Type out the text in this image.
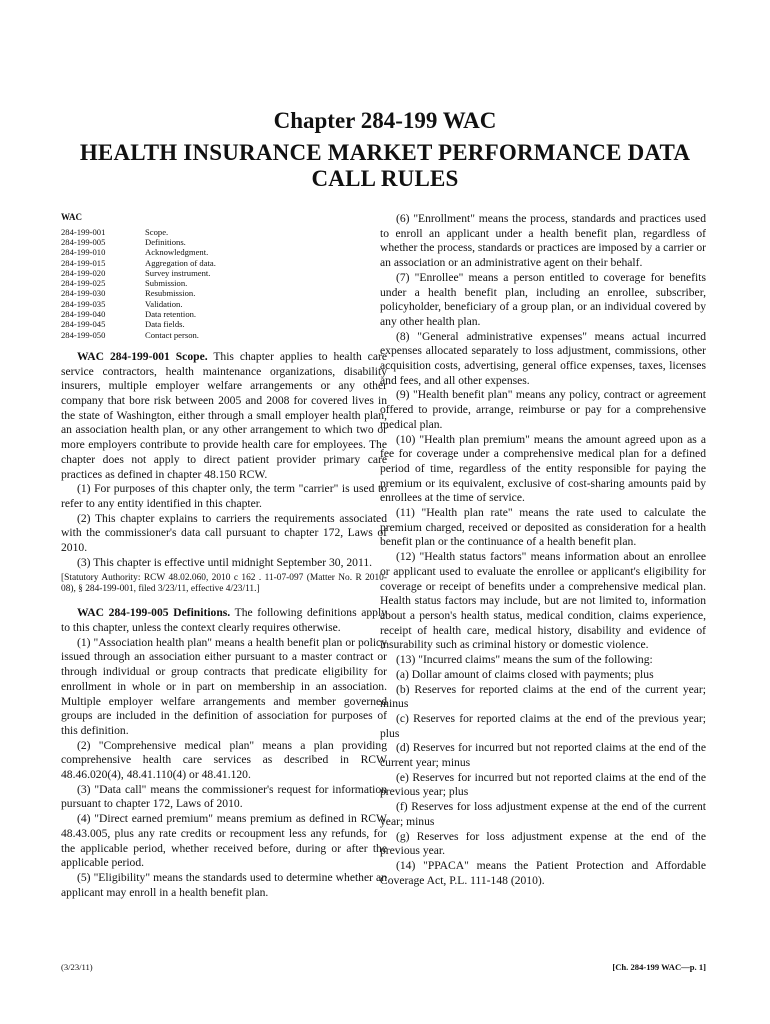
Chapter 284-199 WAC
HEALTH INSURANCE MARKET PERFORMANCE DATA CALL RULES
WAC
284-199-001	Scope.
284-199-005	Definitions.
284-199-010	Acknowledgment.
284-199-015	Aggregation of data.
284-199-020	Survey instrument.
284-199-025	Submission.
284-199-030	Resubmission.
284-199-035	Validation.
284-199-040	Data retention.
284-199-045	Data fields.
284-199-050	Contact person.

WAC 284-199-001 Scope. This chapter applies to health care service contractors, health maintenance organizations, disability insurers, multiple employer welfare arrangements or any other company that bore risk between 2005 and 2008 for covered lives in the state of Washington, either through a small employer health plan, an association health plan, or any other arrangement to which two or more employers contribute to provide health care for employees. The chapter does not apply to direct patient provider primary care practices as defined in chapter 48.150 RCW.

(1) For purposes of this chapter only, the term "carrier" is used to refer to any entity identified in this chapter.

(2) This chapter explains to carriers the requirements associated with the commissioner's data call pursuant to chapter 172, Laws of 2010.

(3) This chapter is effective until midnight September 30, 2011.

[Statutory Authority: RCW 48.02.060, 2010 c 162 . 11-07-097 (Matter No. R 2010-08), § 284-199-001, filed 3/23/11, effective 4/23/11.]

WAC 284-199-005 Definitions. The following definitions apply to this chapter, unless the context clearly requires otherwise.

(1) "Association health plan" means a health benefit plan or policy issued through an association either pursuant to a master contract or through individual or group contracts that predicate eligibility for enrollment in whole or in part on membership in an association. Multiple employer welfare arrangements and member governed groups are included in the definition of association for purposes of this definition.

(2) "Comprehensive medical plan" means a plan providing comprehensive health care services as described in RCW 48.46.020(4), 48.41.110(4) or 48.41.120.

(3) "Data call" means the commissioner's request for information pursuant to chapter 172, Laws of 2010.

(4) "Direct earned premium" means premium as defined in RCW 48.43.005, plus any rate credits or recoupment less any refunds, for the applicable period, whether received before, during or after the applicable period.

(5) "Eligibility" means the standards used to determine whether an applicant may enroll in a health benefit plan.

(6) "Enrollment" means the process, standards and practices used to enroll an applicant under a health benefit plan, regardless of whether the process, standards or practices are imposed by a carrier or an association or an administrative agent on their behalf.

(7) "Enrollee" means a person entitled to coverage for benefits under a health benefit plan, including an enrollee, subscriber, policyholder, beneficiary of a group plan, or an individual covered by any other health plan.

(8) "General administrative expenses" means actual incurred expenses allocated separately to loss adjustment, commissions, other acquisition costs, advertising, general office expenses, taxes, licenses and fees, and all other expenses.

(9) "Health benefit plan" means any policy, contract or agreement offered to provide, arrange, reimburse or pay for a comprehensive medical plan.

(10) "Health plan premium" means the amount agreed upon as a fee for coverage under a comprehensive medical plan for a defined period of time, regardless of the entity responsible for paying the premium or its equivalent, exclusive of cost-sharing amounts paid by enrollees at the time of service.

(11) "Health plan rate" means the rate used to calculate the premium charged, received or deposited as consideration for a health benefit plan or the continuance of a health benefit plan.

(12) "Health status factors" means information about an enrollee or applicant used to evaluate the enrollee or applicant's eligibility for coverage or receipt of benefits under a comprehensive medical plan. Health status factors may include, but are not limited to, information about a person's health status, medical condition, claims experience, receipt of health care, medical history, disability and evidence of insurability such as criminal history or domestic violence.

(13) "Incurred claims" means the sum of the following:

(a) Dollar amount of claims closed with payments; plus

(b) Reserves for reported claims at the end of the current year; minus

(c) Reserves for reported claims at the end of the previous year; plus

(d) Reserves for incurred but not reported claims at the end of the current year; minus

(e) Reserves for incurred but not reported claims at the end of the previous year; plus

(f) Reserves for loss adjustment expense at the end of the current year; minus

(g) Reserves for loss adjustment expense at the end of the previous year.

(14) "PPACA" means the Patient Protection and Affordable Coverage Act, P.L. 111-148 (2010).

(3/23/11)	[Ch. 284-199 WAC—p. 1]
